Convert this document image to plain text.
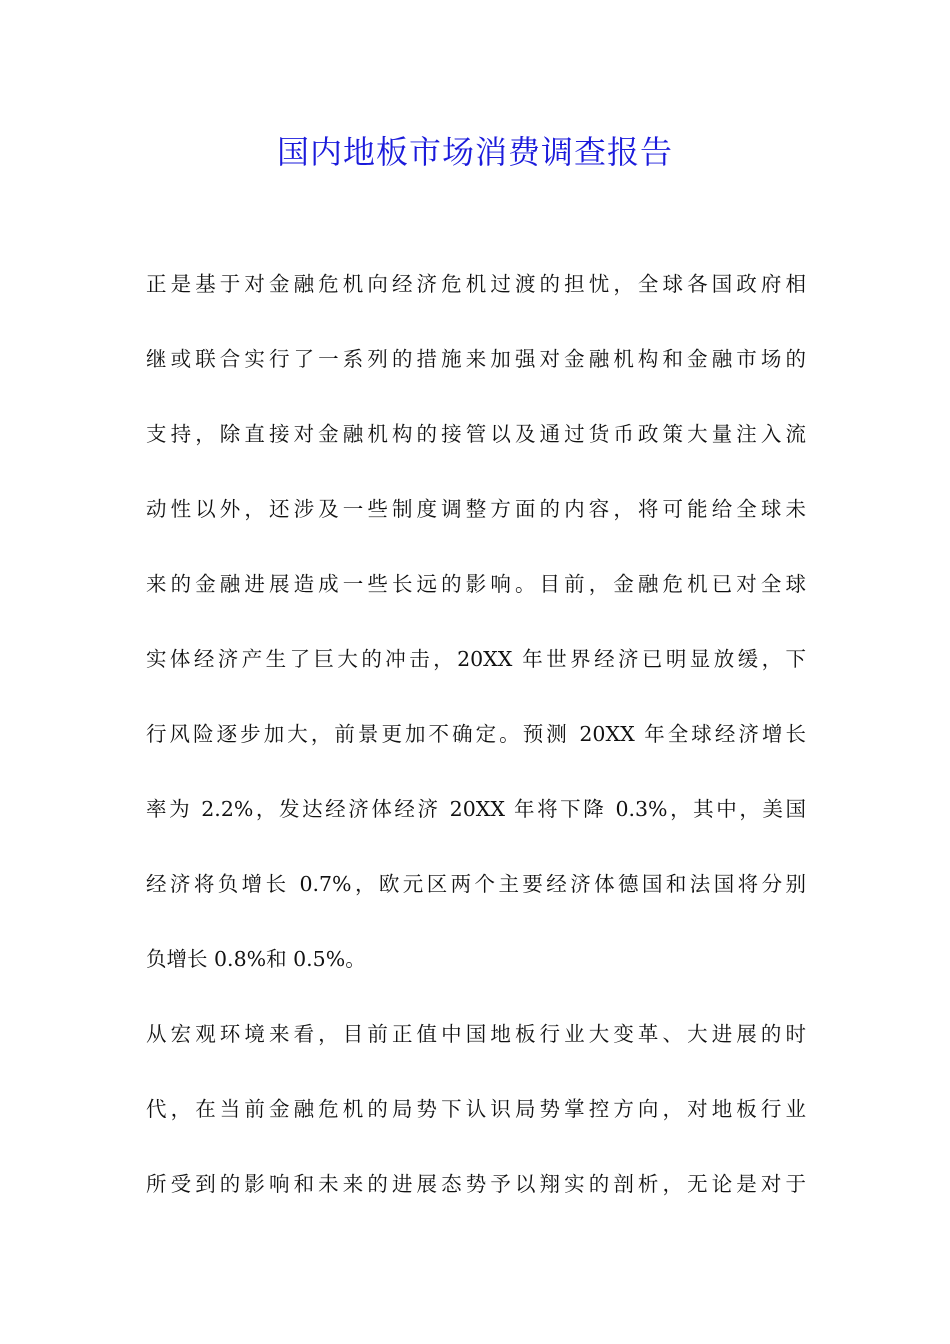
国内地板市场消费调查报告
正是基于对金融危机向经济危机过渡的担忧，全球各国政府相
继或联合实行了一系列的措施来加强对金融机构和金融市场的
支持，除直接对金融机构的接管以及通过货币政策大量注入流
动性以外，还涉及一些制度调整方面的内容，将可能给全球未
来的金融进展造成一些长远的影响。目前，金融危机已对全球
实体经济产生了巨大的冲击，20XX 年世界经济已明显放缓，下
行风险逐步加大，前景更加不确定。预测 20XX 年全球经济增长
率为 2.2%，发达经济体经济 20XX 年将下降 0.3%，其中，美国
经济将负增长 0.7%，欧元区两个主要经济体德国和法国将分别
负增长 0.8%和 0.5%。
从宏观环境来看，目前正值中国地板行业大变革、大进展的时
代，在当前金融危机的局势下认识局势掌控方向，对地板行业
所受到的影响和未来的进展态势予以翔实的剖析，无论是对于
